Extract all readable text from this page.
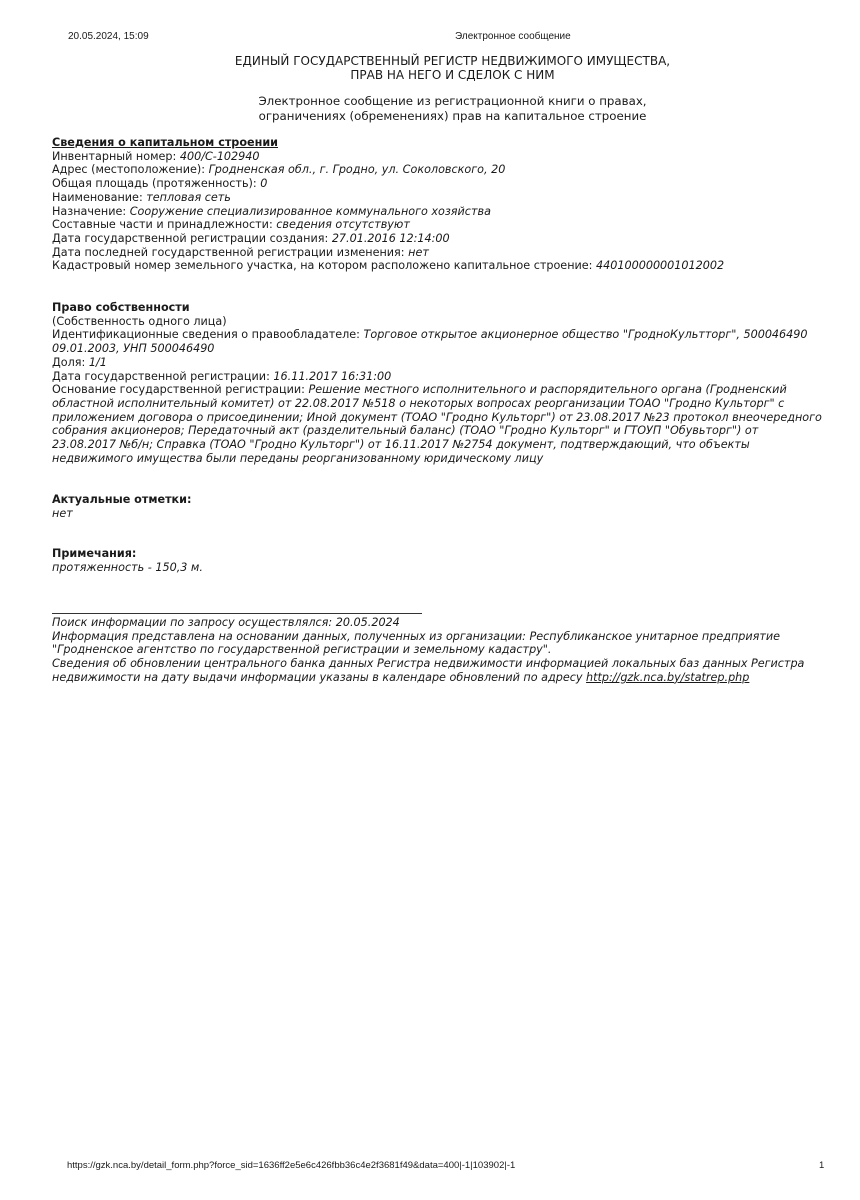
20.05.2024, 15:09	Электронное сообщение
ЕДИНЫЙ ГОСУДАРСТВЕННЫЙ РЕГИСТР НЕДВИЖИМОГО ИМУЩЕСТВА,
ПРАВ НА НЕГО И СДЕЛОК С НИМ
Электронное сообщение из регистрационной книги о правах,
ограничениях (обременениях) прав на капитальное строение
Сведения о капитальном строении
Инвентарный номер: 400/С-102940
Адрес (местоположение): Гродненская обл., г. Гродно, ул. Соколовского, 20
Общая площадь (протяженность): 0
Наименование: тепловая сеть
Назначение: Сооружение специализированное коммунального хозяйства
Составные части и принадлежности: сведения отсутствуют
Дата государственной регистрации создания: 27.01.2016 12:14:00
Дата последней государственной регистрации изменения: нет
Кадастровый номер земельного участка, на котором расположено капитальное строение: 440100000001012002
Право собственности
(Собственность одного лица)
Идентификационные сведения о правообладателе: Торговое открытое акционерное общество "ГродноКультторг", 500046490
09.01.2003, УНП 500046490
Доля: 1/1
Дата государственной регистрации: 16.11.2017 16:31:00
Основание государственной регистрации: Решение местного исполнительного и распорядительного органа (Гродненский
областной исполнительный комитет) от 22.08.2017 №518 о некоторых вопросах реорганизации ТОАО "Гродно Культорг" с
приложением договора о присоединении; Иной документ (ТОАО "Гродно Культорг") от 23.08.2017 №23 протокол внеочередного
собрания акционеров; Передаточный акт (разделительный баланс) (ТОАО "Гродно Культорг" и ГТОУП "Обувьторг") от
23.08.2017 №б/н; Справка (ТОАО "Гродно Культорг") от 16.11.2017 №2754 документ, подтверждающий, что объекты
недвижимого имущества были переданы реорганизованному юридическому лицу
Актуальные отметки:
нет
Примечания:
протяженность - 150,3 м.
Поиск информации по запросу осуществлялся: 20.05.2024
Информация представлена на основании данных, полученных из организации: Республиканское унитарное предприятие
"Гродненское агентство по государственной регистрации и земельному кадастру".
Сведения об обновлении центрального банка данных Регистра недвижимости информацией локальных баз данных Регистра
недвижимости на дату выдачи информации указаны в календаре обновлений по адресу http://gzk.nca.by/statrep.php
https://gzk.nca.by/detail_form.php?force_sid=1636ff2e5e6c426fbb36c4e2f3681f49&data=400|-1|103902|-1	1
